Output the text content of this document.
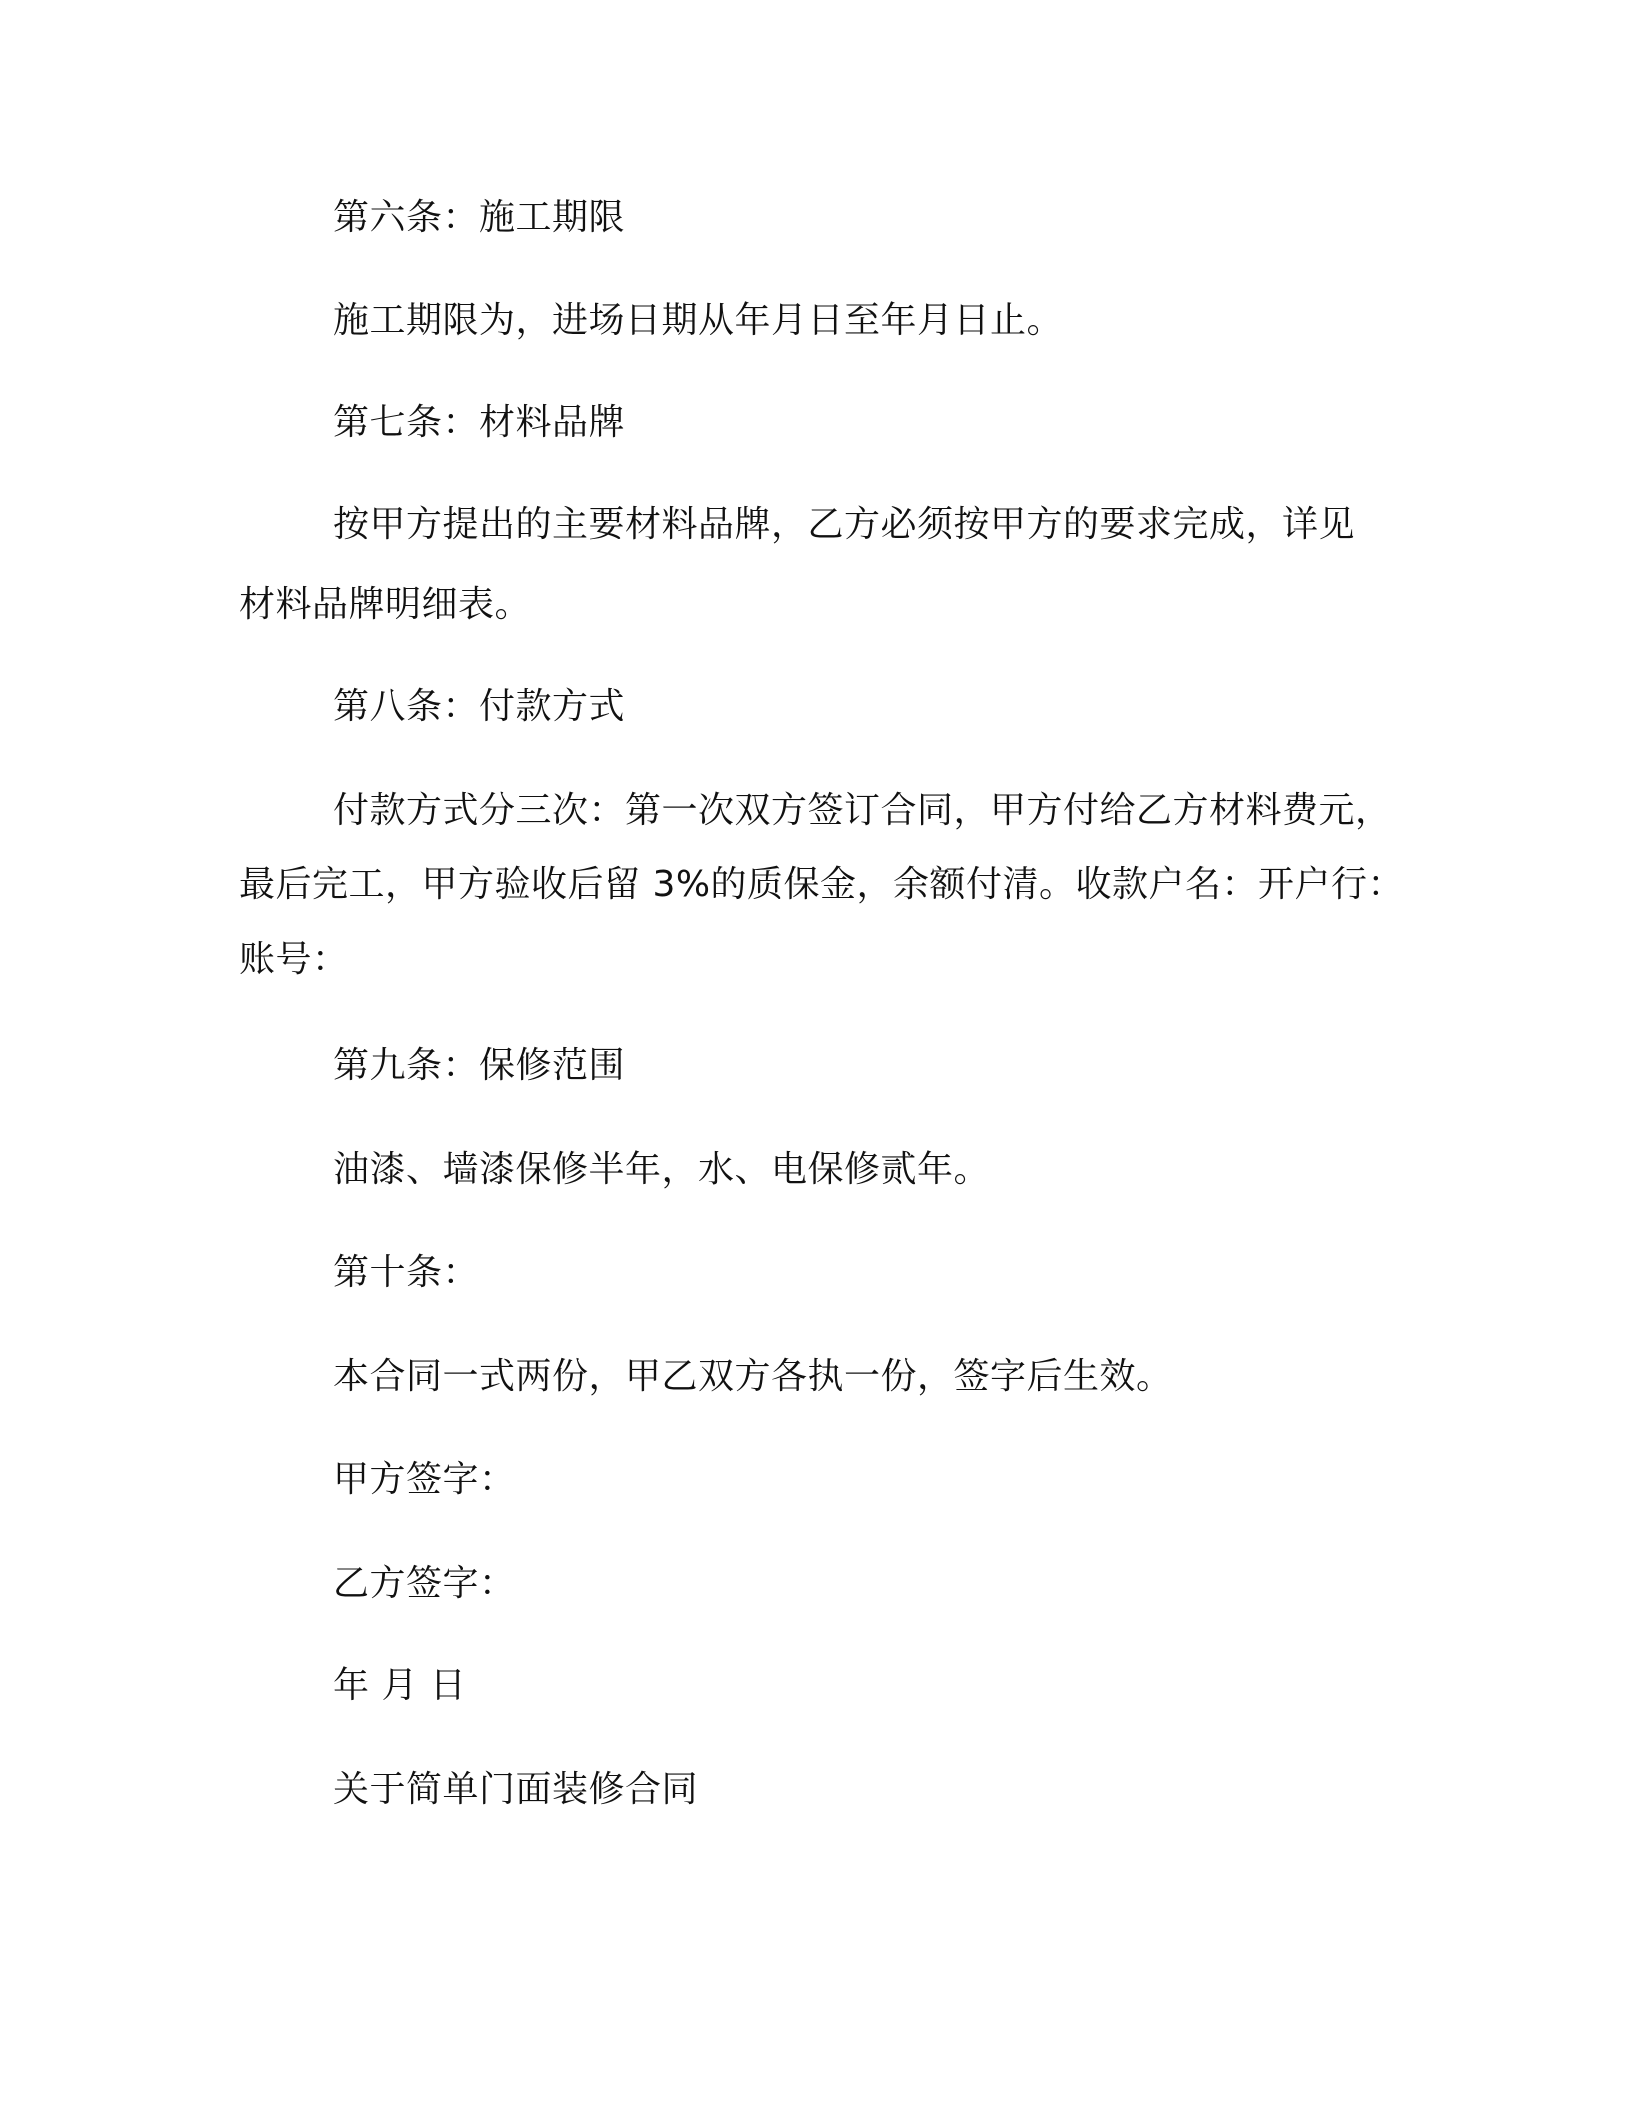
第六条：施工期限
施工期限为，进场日期从年月日至年月日止。
第七条：材料品牌
按甲方提出的主要材料品牌，乙方必须按甲方的要求完成，详见
材料品牌明细表。
第八条：付款方式
付款方式分三次：第一次双方签订合同，甲方付给乙方材料费元，
最后完工，甲方验收后留 3%的质保金，余额付清。收款户名：开户行：
账号：
第九条：保修范围
油漆、墙漆保修半年，水、电保修贰年。
第十条：
本合同一式两份，甲乙双方各执一份，签字后生效。
甲方签字：
乙方签字：
年 月 日
关于简单门面装修合同
